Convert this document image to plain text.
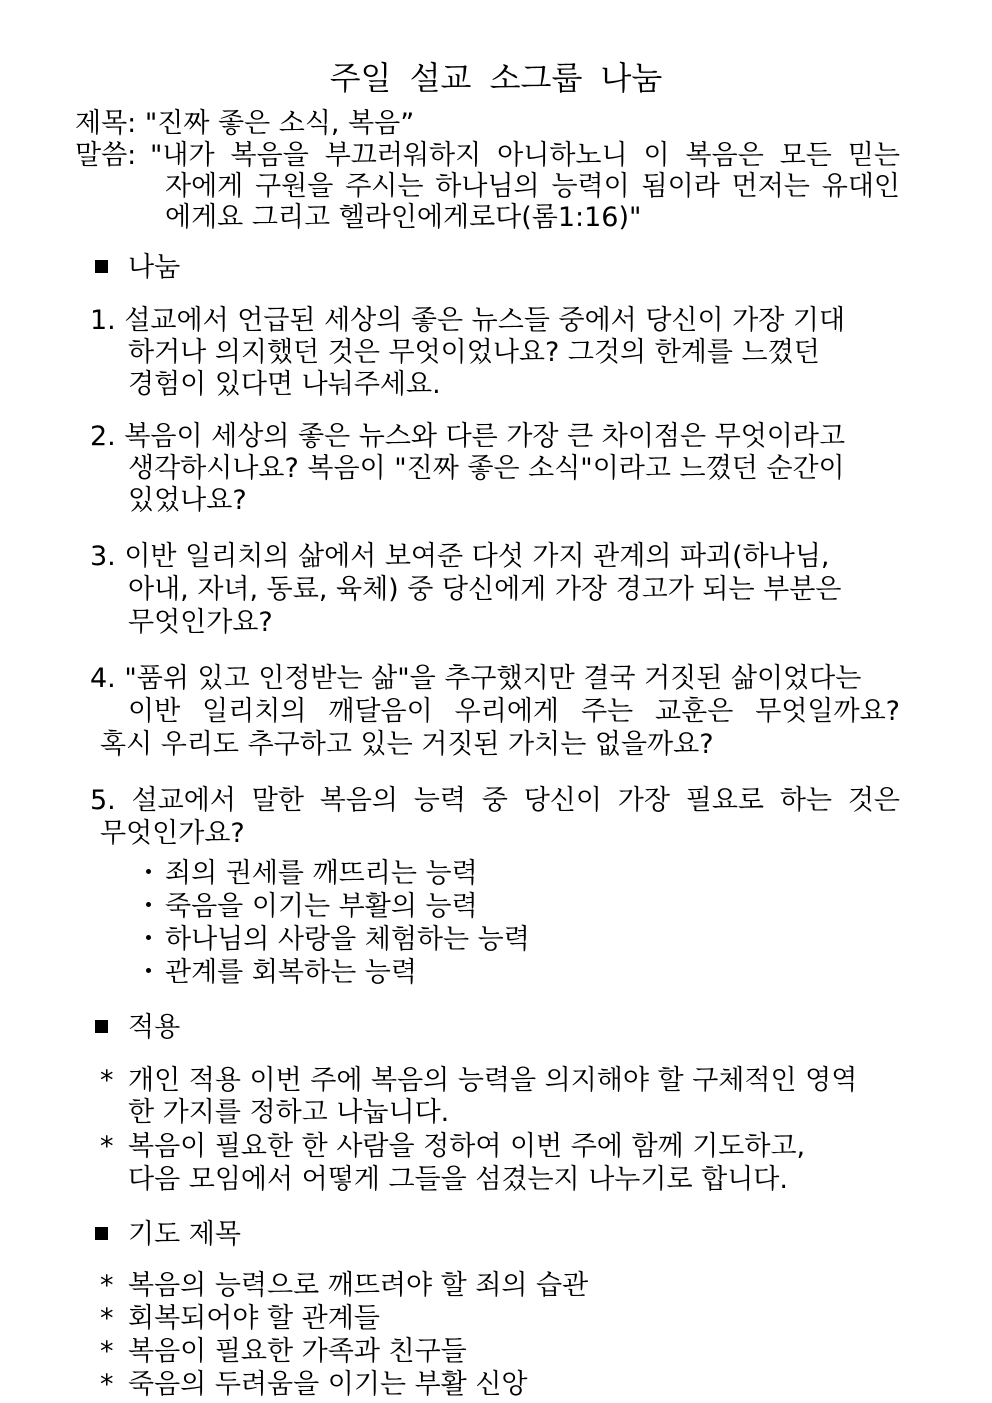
주일 설교 소그룹 나눔
제목: "진짜 좋은 소식, 복음”
말씀: "내가 복음을 부끄러워하지 아니하노니 이 복음은 모든 믿는
자에게 구원을 주시는 하나님의 능력이 됨이라 먼저는 유대인
에게요 그리고 헬라인에게로다(롬1:16)"
나눔
1. 설교에서 언급된 세상의 좋은 뉴스들 중에서 당신이 가장 기대
하거나 의지했던 것은 무엇이었나요? 그것의 한계를 느꼈던
경험이 있다면 나눠주세요.
2. 복음이 세상의 좋은 뉴스와 다른 가장 큰 차이점은 무엇이라고
생각하시나요? 복음이 "진짜 좋은 소식"이라고 느꼈던 순간이
있었나요?
3. 이반 일리치의 삶에서 보여준 다섯 가지 관계의 파괴(하나님,
아내, 자녀, 동료, 육체) 중 당신에게 가장 경고가 되는 부분은
무엇인가요?
4. "품위 있고 인정받는 삶"을 추구했지만 결국 거짓된 삶이었다는
이반 일리치의 깨달음이 우리에게 주는 교훈은 무엇일까요?
혹시 우리도 추구하고 있는 거짓된 가치는 없을까요?
5. 설교에서 말한 복음의 능력 중 당신이 가장 필요로 하는 것은
무엇인가요?
・ 죄의 권세를 깨뜨리는 능력
・ 죽음을 이기는 부활의 능력
・ 하나님의 사랑을 체험하는 능력
・ 관계를 회복하는 능력
적용
* 개인 적용 이번 주에 복음의 능력을 의지해야 할 구체적인 영역
한 가지를 정하고 나눕니다.
* 복음이 필요한 한 사람을 정하여 이번 주에 함께 기도하고,
다음 모임에서 어떻게 그들을 섬겼는지 나누기로 합니다.
기도 제목
* 복음의 능력으로 깨뜨려야 할 죄의 습관
* 회복되어야 할 관계들
* 복음이 필요한 가족과 친구들
* 죽음의 두려움을 이기는 부활 신앙
